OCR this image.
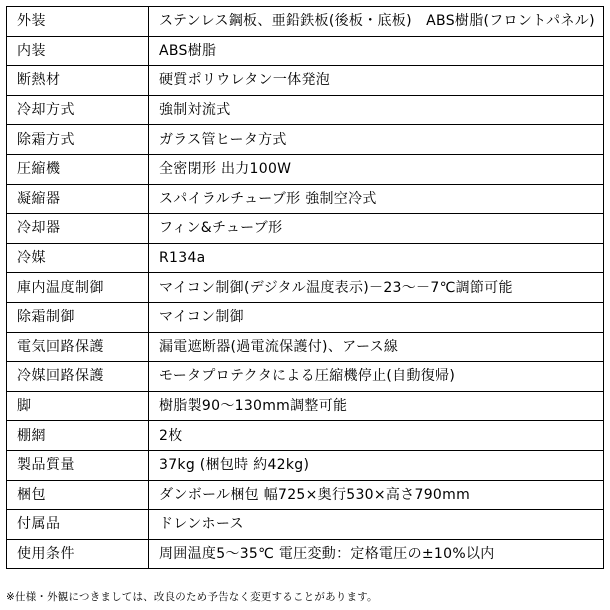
外装	ステンレス鋼板、亜鉛鉄板(後板・底板)　ABS樹脂(フロントパネル)
内装	ABS樹脂
断熱材	硬質ポリウレタン一体発泡
冷却方式	強制対流式
除霜方式	ガラス管ヒータ方式
圧縮機	全密閉形 出力100W
凝縮器	スパイラルチューブ形 強制空冷式
冷却器	フィン&チューブ形
冷媒	R134a
庫内温度制御	マイコン制御(デジタル温度表示)－23～－7℃調節可能
除霜制御	マイコン制御
電気回路保護	漏電遮断器(過電流保護付)、アース線
冷媒回路保護	モータプロテクタによる圧縮機停止(自動復帰)
脚	樹脂製90～130mm調整可能
棚網	2枚
製品質量	37kg (梱包時 約42kg)
梱包	ダンボール梱包 幅725×奥行530×高さ790mm
付属品	ドレンホース
使用条件	周囲温度5～35℃ 電圧変動：定格電圧の±10%以内
※仕様・外観につきましては、改良のため予告なく変更することがあります。
